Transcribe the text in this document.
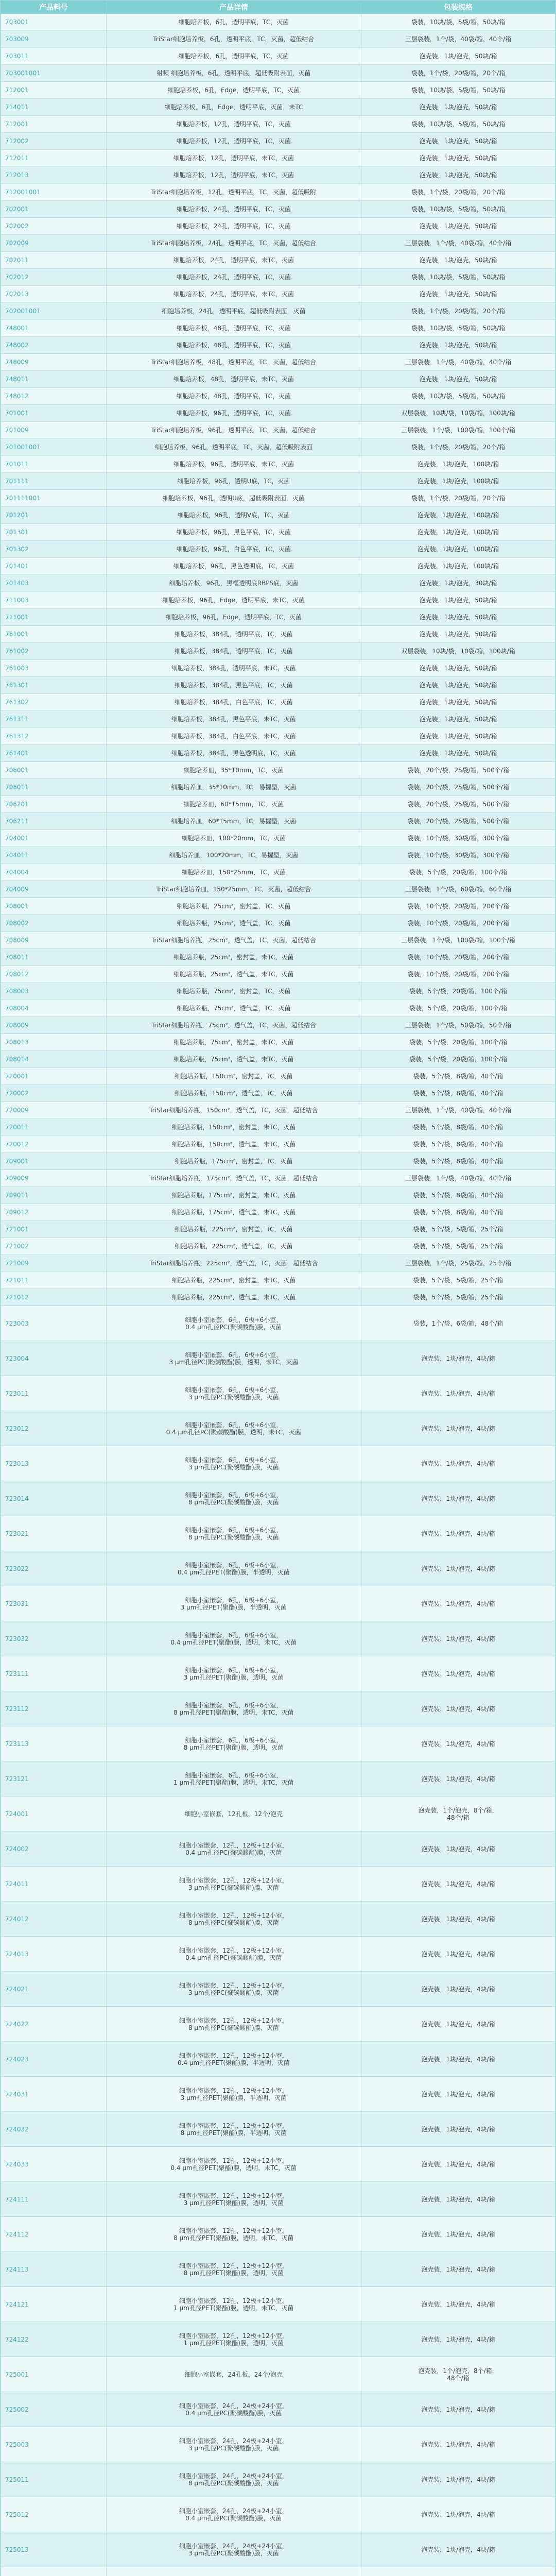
产品料号	产品详情	包装规格
703001	细胞培养板，6孔，透明平底，TC，灭菌	袋装，10块/袋，5袋/箱，50块/箱
703009	TriStar细胞培养板，6孔，透明平底，TC，灭菌，超低结合	三层袋装，1个/袋，40袋/箱，40个/箱
703011	细胞培养板，6孔，透明平底，TC，灭菌	泡壳装，1块/泡壳，50块/箱
703001001	射频 细胞培养板，6孔，透明平底，超低吸附表面，灭菌	袋装，1个/袋，20袋/箱，20个/箱
712001	细胞培养板，6孔，Edge，透明平底，TC，灭菌	袋装，10块/袋，5袋/箱，50块/箱
714011	细胞培养板，6孔，Edge，透明平底，灭菌，未TC	泡壳装，1块/泡壳，50块/箱
712001	细胞培养板，12孔，透明平底，TC，灭菌	袋装，10块/袋，5袋/箱，50块/箱
712002	细胞培养板，12孔，透明平底，TC，灭菌	泡壳装，1块/泡壳，50块/箱
712011	细胞培养板，12孔，透明平底，未TC，灭菌	泡壳装，1块/泡壳，50块/箱
712013	细胞培养板，12孔，透明平底，未TC，灭菌	泡壳装，1块/泡壳，50块/箱
712001001	TriStar细胞培养板，12孔，透明平底，TC，灭菌，超低吸附	袋装，1个/袋，20袋/箱，20个/箱
702001	细胞培养板，24孔，透明平底，TC，灭菌	袋装，10块/袋，5袋/箱，50块/箱
702002	细胞培养板，24孔，透明平底，TC，灭菌	泡壳装，1块/泡壳，50块/箱
702009	TriStar细胞培养板，24孔，透明平底，TC，灭菌，超低结合	三层袋装，1个/袋，40袋/箱，40个/箱
702011	细胞培养板，24孔，透明平底，未TC，灭菌	泡壳装，1块/泡壳，50块/箱
702012	细胞培养板，24孔，透明平底，TC，灭菌	袋装，10块/袋，5袋/箱，50块/箱
702013	细胞培养板，24孔，透明平底，未TC，灭菌	泡壳装，1块/泡壳，50块/箱
702001001	细胞培养板，24孔，透明平底，超低吸附表面，灭菌	袋装，1个/袋，20袋/箱，20个/箱
748001	细胞培养板，48孔，透明平底，TC，灭菌	袋装，10块/袋，5袋/箱，50块/箱
748002	细胞培养板，48孔，透明平底，TC，灭菌	泡壳装，1块/泡壳，50块/箱
748009	TriStar细胞培养板，48孔，透明平底，TC，灭菌，超低结合	三层袋装，1个/袋，40袋/箱，40个/箱
748011	细胞培养板，48孔，透明平底，未TC，灭菌	泡壳装，1块/泡壳，50块/箱
748012	细胞培养板，48孔，透明平底，TC，灭菌	袋装，10块/袋，5袋/箱，50块/箱
701001	细胞培养板，96孔，透明平底，TC，灭菌	双层袋装，10块/袋，10袋/箱，100块/箱
701009	TriStar细胞培养板，96孔，透明平底，TC，灭菌，超低结合	三层袋装，1个/袋，100袋/箱，100个/箱
701001001	细胞培养板，96孔，透明平底，TC，灭菌，超低吸附表面	袋装，1个/袋，20袋/箱，20个/箱
701011	细胞培养板，96孔，透明平底，未TC，灭菌	泡壳装，1块/泡壳，100块/箱
701111	细胞培养板，96孔，透明U底，TC，灭菌	泡壳装，1块/泡壳，100块/箱
701111001	细胞培养板，96孔，透明U底，超低吸附表面，灭菌	袋装，1个/袋，20袋/箱，20个/箱
701201	细胞培养板，96孔，透明V底，TC，灭菌	泡壳装，1块/泡壳，100块/箱
701301	细胞培养板，96孔，黑色平底，TC，灭菌	泡壳装，1块/泡壳，100块/箱
701302	细胞培养板，96孔，白色平底，TC，灭菌	泡壳装，1块/泡壳，100块/箱
701401	细胞培养板，96孔，黑色透明底，TC，灭菌	泡壳装，1块/泡壳，100块/箱
701403	细胞培养板，96孔，黑框透明底RBPS底，灭菌	泡壳装，1块/泡壳，30块/箱
711003	细胞培养板，96孔，Edge，透明平底，未TC，灭菌	泡壳装，1块/泡壳，50块/箱
711001	细胞培养板，96孔，Edge，透明平底，TC，灭菌	泡壳装，1块/泡壳，50块/箱
761001	细胞培养板，384孔，透明平底，TC，灭菌	泡壳装，1块/泡壳，50块/箱
761002	细胞培养板，384孔，透明平底，TC，灭菌	双层袋装，10块/袋，10袋/箱，100块/箱
761003	细胞培养板，384孔，透明平底，未TC，灭菌	泡壳装，1块/泡壳，50块/箱
761301	细胞培养板，384孔，黑色平底，TC，灭菌	泡壳装，1块/泡壳，50块/箱
761302	细胞培养板，384孔，白色平底，TC，灭菌	泡壳装，1块/泡壳，50块/箱
761311	细胞培养板，384孔，黑色平底，未TC，灭菌	泡壳装，1块/泡壳，50块/箱
761312	细胞培养板，384孔，白色平底，未TC，灭菌	泡壳装，1块/泡壳，50块/箱
761401	细胞培养板，384孔，黑色透明底，TC，灭菌	泡壳装，1块/泡壳，50块/箱
706001	细胞培养皿，35*10mm，TC，灭菌	袋装，20个/袋，25袋/箱，500个/箱
706011	细胞培养皿，35*10mm，TC，易握型，灭菌	袋装，20个/袋，25袋/箱，500个/箱
706201	细胞培养皿，60*15mm，TC，灭菌	袋装，20个/袋，25袋/箱，500个/箱
706211	细胞培养皿，60*15mm，TC，易握型，灭菌	袋装，20个/袋，25袋/箱，500个/箱
704001	细胞培养皿，100*20mm，TC，灭菌	袋装，10个/袋，30袋/箱，300个/箱
704011	细胞培养皿，100*20mm，TC，易握型，灭菌	袋装，10个/袋，30袋/箱，300个/箱
704004	细胞培养皿，150*25mm，TC，灭菌	袋装，5个/袋，20袋/箱，100个/箱
704009	TriStar细胞培养皿，150*25mm，TC，灭菌，超低结合	三层袋装，1个/袋，60袋/箱，60个/箱
708001	细胞培养瓶，25cm²，密封盖，TC，灭菌	袋装，10个/袋，20袋/箱，200个/箱
708002	细胞培养瓶，25cm²，透气盖，TC，灭菌	袋装，10个/袋，20袋/箱，200个/箱
708009	TriStar细胞培养瓶，25cm²，透气盖，TC，灭菌，超低结合	三层袋装，1个/袋，100袋/箱，100个/箱
708011	细胞培养瓶，25cm²，密封盖，未TC，灭菌	袋装，10个/袋，20袋/箱，200个/箱
708012	细胞培养瓶，25cm²，透气盖，未TC，灭菌	袋装，10个/袋，20袋/箱，200个/箱
708003	细胞培养瓶，75cm²，密封盖，TC，灭菌	袋装，5个/袋，20袋/箱，100个/箱
708004	细胞培养瓶，75cm²，透气盖，TC，灭菌	袋装，5个/袋，20袋/箱，100个/箱
708009	TriStar细胞培养瓶，75cm²，透气盖，TC，灭菌，超低结合	三层袋装，1个/袋，50袋/箱，50个/箱
708013	细胞培养瓶，75cm²，密封盖，未TC，灭菌	袋装，5个/袋，20袋/箱，100个/箱
708014	细胞培养瓶，75cm²，透气盖，未TC，灭菌	袋装，5个/袋，20袋/箱，100个/箱
720001	细胞培养瓶，150cm²，密封盖，TC，灭菌	袋装，5个/袋，8袋/箱，40个/箱
720002	细胞培养瓶，150cm²，透气盖，TC，灭菌	袋装，5个/袋，8袋/箱，40个/箱
720009	TriStar细胞培养瓶，150cm²，透气盖，TC，灭菌，超低结合	三层袋装，1个/袋，40袋/箱，40个/箱
720011	细胞培养瓶，150cm²，密封盖，未TC，灭菌	袋装，5个/袋，8袋/箱，40个/箱
720012	细胞培养瓶，150cm²，透气盖，未TC，灭菌	袋装，5个/袋，8袋/箱，40个/箱
709001	细胞培养瓶，175cm²，密封盖，TC，灭菌	袋装，5个/袋，8袋/箱，40个/箱
709009	TriStar细胞培养瓶，175cm²，透气盖，TC，灭菌，超低结合	三层袋装，1个/袋，40袋/箱，40个/箱
709011	细胞培养瓶，175cm²，密封盖，未TC，灭菌	袋装，5个/袋，8袋/箱，40个/箱
709012	细胞培养瓶，175cm²，透气盖，未TC，灭菌	袋装，5个/袋，8袋/箱，40个/箱
721001	细胞培养瓶，225cm²，密封盖，TC，灭菌	袋装，5个/袋，5袋/箱，25个/箱
721002	细胞培养瓶，225cm²，透气盖，TC，灭菌	袋装，5个/袋，5袋/箱，25个/箱
721009	TriStar细胞培养瓶，225cm²，透气盖，TC，灭菌，超低结合	三层袋装，1个/袋，25袋/箱，25个/箱
721011	细胞培养瓶，225cm²，密封盖，未TC，灭菌	袋装，5个/袋，5袋/箱，25个/箱
721012	细胞培养瓶，225cm²，透气盖，未TC，灭菌	袋装，5个/袋，5袋/箱，25个/箱
723003	细胞小室嵌套，6孔，6板+6小室，
0.4 μm孔径PC(聚碳酸酯)膜，灭菌	袋装，1个/袋，6袋/箱，48个/箱
723004	细胞小室嵌套，6孔，6板+6小室，
3 μm孔径PC(聚碳酸酯)膜，透明，未TC，灭菌	泡壳装，1块/泡壳，4块/箱
723011	细胞小室嵌套，6孔，6板+6小室，
3 μm孔径PC(聚碳酸酯)膜，灭菌	泡壳装，1块/泡壳，4块/箱
723012	细胞小室嵌套，6孔，6板+6小室，
0.4 μm孔径PC(聚碳酸酯)膜，透明，未TC，灭菌	泡壳装，1块/泡壳，4块/箱
723013	细胞小室嵌套，6孔，6板+6小室，
3 μm孔径PC(聚碳酸酯)膜，灭菌	泡壳装，1块/泡壳，4块/箱
723014	细胞小室嵌套，6孔，6板+6小室，
8 μm孔径PC(聚碳酸酯)膜，灭菌	泡壳装，1块/泡壳，4块/箱
723021	细胞小室嵌套，6孔，6板+6小室，
8 μm孔径PC(聚碳酸酯)膜，灭菌	泡壳装，1块/泡壳，4块/箱
723022	细胞小室嵌套，6孔，6板+6小室，
0.4 μm孔径PET(聚酯)膜，半透明，灭菌	泡壳装，1块/泡壳，4块/箱
723031	细胞小室嵌套，6孔，6板+6小室，
3 μm孔径PET(聚酯)膜，半透明，灭菌	泡壳装，1块/泡壳，4块/箱
723032	细胞小室嵌套，6孔，6板+6小室，
0.4 μm孔径PET(聚酯)膜，透明，未TC，灭菌	泡壳装，1块/泡壳，4块/箱
723111	细胞小室嵌套，6孔，6板+6小室，
3 μm孔径PET(聚酯)膜，透明，灭菌	泡壳装，1块/泡壳，4块/箱
723112	细胞小室嵌套，6孔，6板+6小室，
8 μm孔径PET(聚酯)膜，透明，未TC，灭菌	泡壳装，1块/泡壳，4块/箱
723113	细胞小室嵌套，6孔，6板+6小室，
8 μm孔径PET(聚酯)膜，透明，灭菌	泡壳装，1块/泡壳，4块/箱
723121	细胞小室嵌套，6孔，6板+6小室，
1 μm孔径PET(聚酯)膜，透明，未TC，灭菌	泡壳装，1块/泡壳，4块/箱
724001	细胞小室嵌套，12孔板，12个/泡壳	泡壳装，1个/泡壳，8个/箱，
48个/箱
724002	细胞小室嵌套，12孔，12板+12小室，
0.4 μm孔径PC(聚碳酸酯)膜，灭菌	泡壳装，1块/泡壳，4块/箱
724011	细胞小室嵌套，12孔，12板+12小室，
3 μm孔径PC(聚碳酸酯)膜，灭菌	泡壳装，1块/泡壳，4块/箱
724012	细胞小室嵌套，12孔，12板+12小室，
8 μm孔径PC(聚碳酸酯)膜，灭菌	泡壳装，1块/泡壳，4块/箱
724013	细胞小室嵌套，12孔，12板+12小室，
0.4 μm孔径PC(聚碳酸酯)膜，灭菌	泡壳装，1块/泡壳，4块/箱
724021	细胞小室嵌套，12孔，12板+12小室，
3 μm孔径PC(聚碳酸酯)膜，灭菌	泡壳装，1块/泡壳，4块/箱
724022	细胞小室嵌套，12孔，12板+12小室，
8 μm孔径PC(聚碳酸酯)膜，灭菌	泡壳装，1块/泡壳，4块/箱
724023	细胞小室嵌套，12孔，12板+12小室，
0.4 μm孔径PET(聚酯)膜，半透明，灭菌	泡壳装，1块/泡壳，4块/箱
724031	细胞小室嵌套，12孔，12板+12小室，
3 μm孔径PET(聚酯)膜，半透明，灭菌	泡壳装，1块/泡壳，4块/箱
724032	细胞小室嵌套，12孔，12板+12小室，
8 μm孔径PET(聚酯)膜，半透明，灭菌	泡壳装，1块/泡壳，4块/箱
724033	细胞小室嵌套，12孔，12板+12小室，
0.4 μm孔径PET(聚酯)膜，透明，未TC，灭菌	泡壳装，1块/泡壳，4块/箱
724111	细胞小室嵌套，12孔，12板+12小室，
3 μm孔径PET(聚酯)膜，透明，灭菌	泡壳装，1块/泡壳，4块/箱
724112	细胞小室嵌套，12孔，12板+12小室，
8 μm孔径PET(聚酯)膜，透明，未TC，灭菌	泡壳装，1块/泡壳，4块/箱
724113	细胞小室嵌套，12孔，12板+12小室，
8 μm孔径PET(聚酯)膜，透明，灭菌	泡壳装，1块/泡壳，4块/箱
724121	细胞小室嵌套，12孔，12板+12小室，
1 μm孔径PET(聚酯)膜，透明，未TC，灭菌	泡壳装，1块/泡壳，4块/箱
724122	细胞小室嵌套，12孔，12板+12小室，
1 μm孔径PET(聚酯)膜，透明，灭菌	泡壳装，1块/泡壳，4块/箱
725001	细胞小室嵌套，24孔板，24个/泡壳	泡壳装，1个/泡壳，8个/箱，
48个/箱
725002	细胞小室嵌套，24孔，24板+24小室，
0.4 μm孔径PC(聚碳酸酯)膜，灭菌	泡壳装，1块/泡壳，4块/箱
725003	细胞小室嵌套，24孔，24板+24小室，
3 μm孔径PC(聚碳酸酯)膜，灭菌	泡壳装，1块/泡壳，4块/箱
725011	细胞小室嵌套，24孔，24板+24小室，
8 μm孔径PC(聚碳酸酯)膜，灭菌	泡壳装，1块/泡壳，4块/箱
725012	细胞小室嵌套，24孔，24板+24小室，
0.4 μm孔径PC(聚碳酸酯)膜，灭菌	泡壳装，1块/泡壳，4块/箱
725013	细胞小室嵌套，24孔，24板+24小室，
3 μm孔径PC(聚碳酸酯)膜，灭菌	泡壳装，1块/泡壳，4块/箱
